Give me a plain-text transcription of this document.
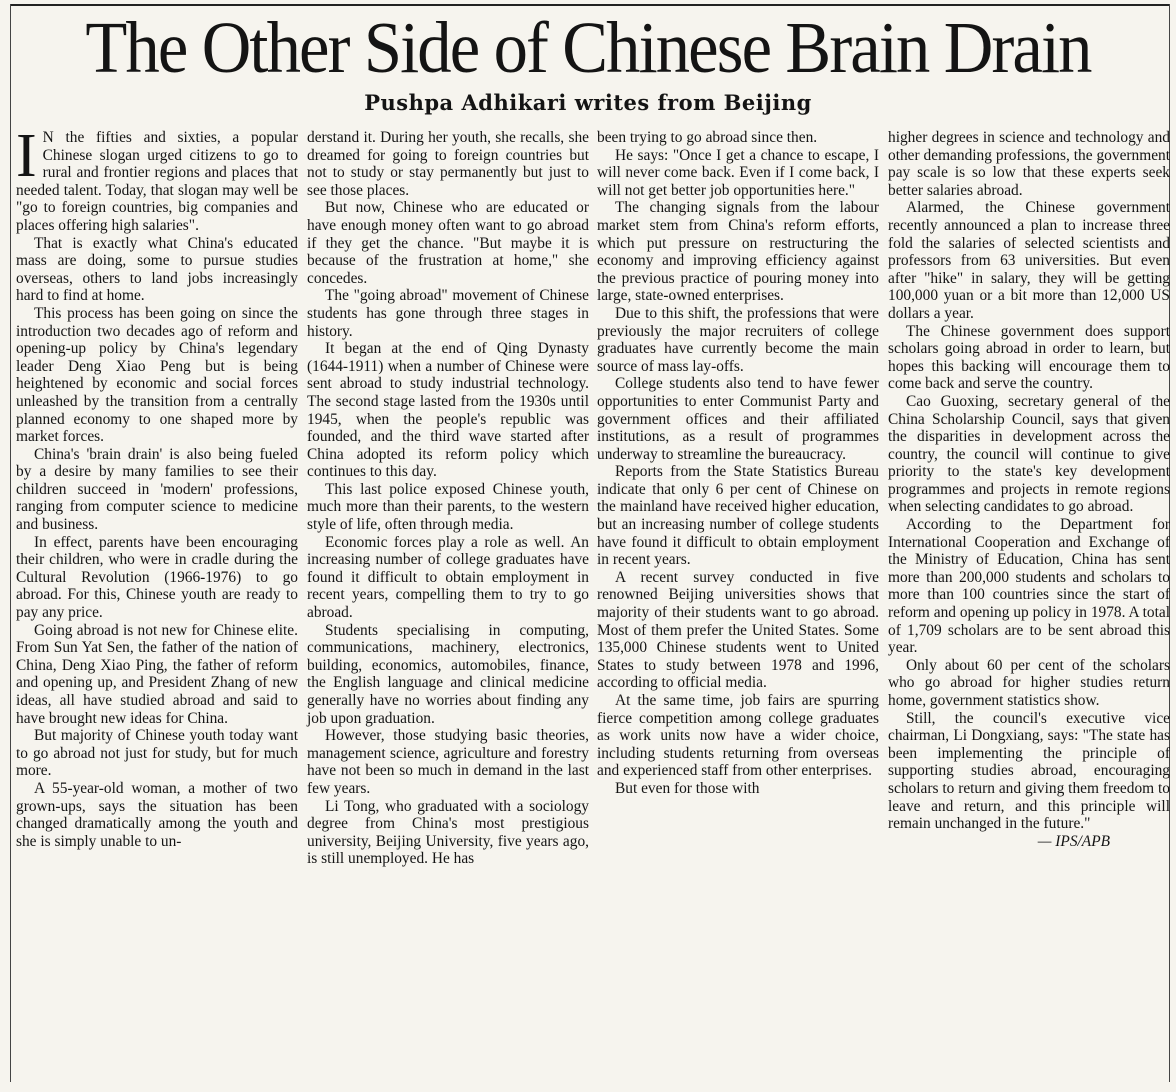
The Other Side of Chinese Brain Drain
Pushpa Adhikari writes from Beijing

I N the fifties and sixties, a popular Chinese slogan urged citizens to go to rural and frontier regions and places that needed talent. Today, that slogan may well be "go to foreign countries, big companies and places offering high salaries".

That is exactly what China's educated mass are doing, some to pursue studies overseas, others to land jobs increasingly hard to find at home.

This process has been going on since the introduction two decades ago of reform and opening-up policy by China's legendary leader Deng Xiao Peng but is being heightened by economic and social forces unleashed by the transition from a centrally planned economy to one shaped more by market forces.

China's 'brain drain' is also being fueled by a desire by many families to see their children succeed in 'modern' professions, ranging from computer science to medicine and business.

In effect, parents have been encouraging their children, who were in cradle during the Cultural Revolution (1966-1976) to go abroad. For this, Chinese youth are ready to pay any price.

Going abroad is not new for Chinese elite. From Sun Yat Sen, the father of the nation of China, Deng Xiao Ping, the father of reform and opening up, and President Zhang of new ideas, all have studied abroad and said to have brought new ideas for China.

But majority of Chinese youth today want to go abroad not just for study, but for much more.

A 55-year-old woman, a mother of two grown-ups, says the situation has been changed dramatically among the youth and she is simply unable to un-

derstand it. During her youth, she recalls, she dreamed for going to foreign countries but not to study or stay permanently but just to see those places.

But now, Chinese who are educated or have enough money often want to go abroad if they get the chance. "But maybe it is because of the frustration at home," she concedes.

The "going abroad" movement of Chinese students has gone through three stages in history.

It began at the end of Qing Dynasty (1644-1911) when a number of Chinese were sent abroad to study industrial technology. The second stage lasted from the 1930s until 1945, when the people's republic was founded, and the third wave started after China adopted its reform policy which continues to this day.

This last police exposed Chinese youth, much more than their parents, to the western style of life, often through media.

Economic forces play a role as well. An increasing number of college graduates have found it difficult to obtain employment in recent years, compelling them to try to go abroad.

Students specialising in computing, communications, machinery, electronics, building, economics, automobiles, finance, the English language and clinical medicine generally have no worries about finding any job upon graduation.

However, those studying basic theories, management science, agriculture and forestry have not been so much in demand in the last few years.

Li Tong, who graduated with a sociology degree from China's most prestigious university, Beijing University, five years ago, is still unemployed. He has

been trying to go abroad since then.

He says: "Once I get a chance to escape, I will never come back. Even if I come back, I will not get better job opportunities here."

The changing signals from the labour market stem from China's reform efforts, which put pressure on restructuring the economy and improving efficiency against the previous practice of pouring money into large, state-owned enterprises.

Due to this shift, the professions that were previously the major recruiters of college graduates have currently become the main source of mass lay-offs.

College students also tend to have fewer opportunities to enter Communist Party and government offices and their affiliated institutions, as a result of programmes underway to streamline the bureaucracy.

Reports from the State Statistics Bureau indicate that only 6 per cent of Chinese on the mainland have received higher education, but an increasing number of college students have found it difficult to obtain employment in recent years.

A recent survey conducted in five renowned Beijing universities shows that majority of their students want to go abroad. Most of them prefer the United States. Some 135,000 Chinese students went to United States to study between 1978 and 1996, according to official media.

At the same time, job fairs are spurring fierce competition among college graduates as work units now have a wider choice, including students returning from overseas and experienced staff from other enterprises.

But even for those with

higher degrees in science and technology and other demanding professions, the government pay scale is so low that these experts seek better salaries abroad.

Alarmed, the Chinese government recently announced a plan to increase three fold the salaries of selected scientists and professors from 63 universities. But even after "hike" in salary, they will be getting 100,000 yuan or a bit more than 12,000 US dollars a year.

The Chinese government does support scholars going abroad in order to learn, but hopes this backing will encourage them to come back and serve the country.

Cao Guoxing, secretary general of the China Scholarship Council, says that given the disparities in development across the country, the council will continue to give priority to the state's key development programmes and projects in remote regions when selecting candidates to go abroad.

According to the Department for International Cooperation and Exchange of the Ministry of Education, China has sent more than 200,000 students and scholars to more than 100 countries since the start of reform and opening up policy in 1978. A total of 1,709 scholars are to be sent abroad this year.

Only about 60 per cent of the scholars who go abroad for higher studies return home, government statistics show.

Still, the council's executive vice chairman, Li Dongxiang, says: "The state has been implementing the principle of supporting studies abroad, encouraging scholars to return and giving them freedom to leave and return, and this principle will remain unchanged in the future."

— IPS/APB
